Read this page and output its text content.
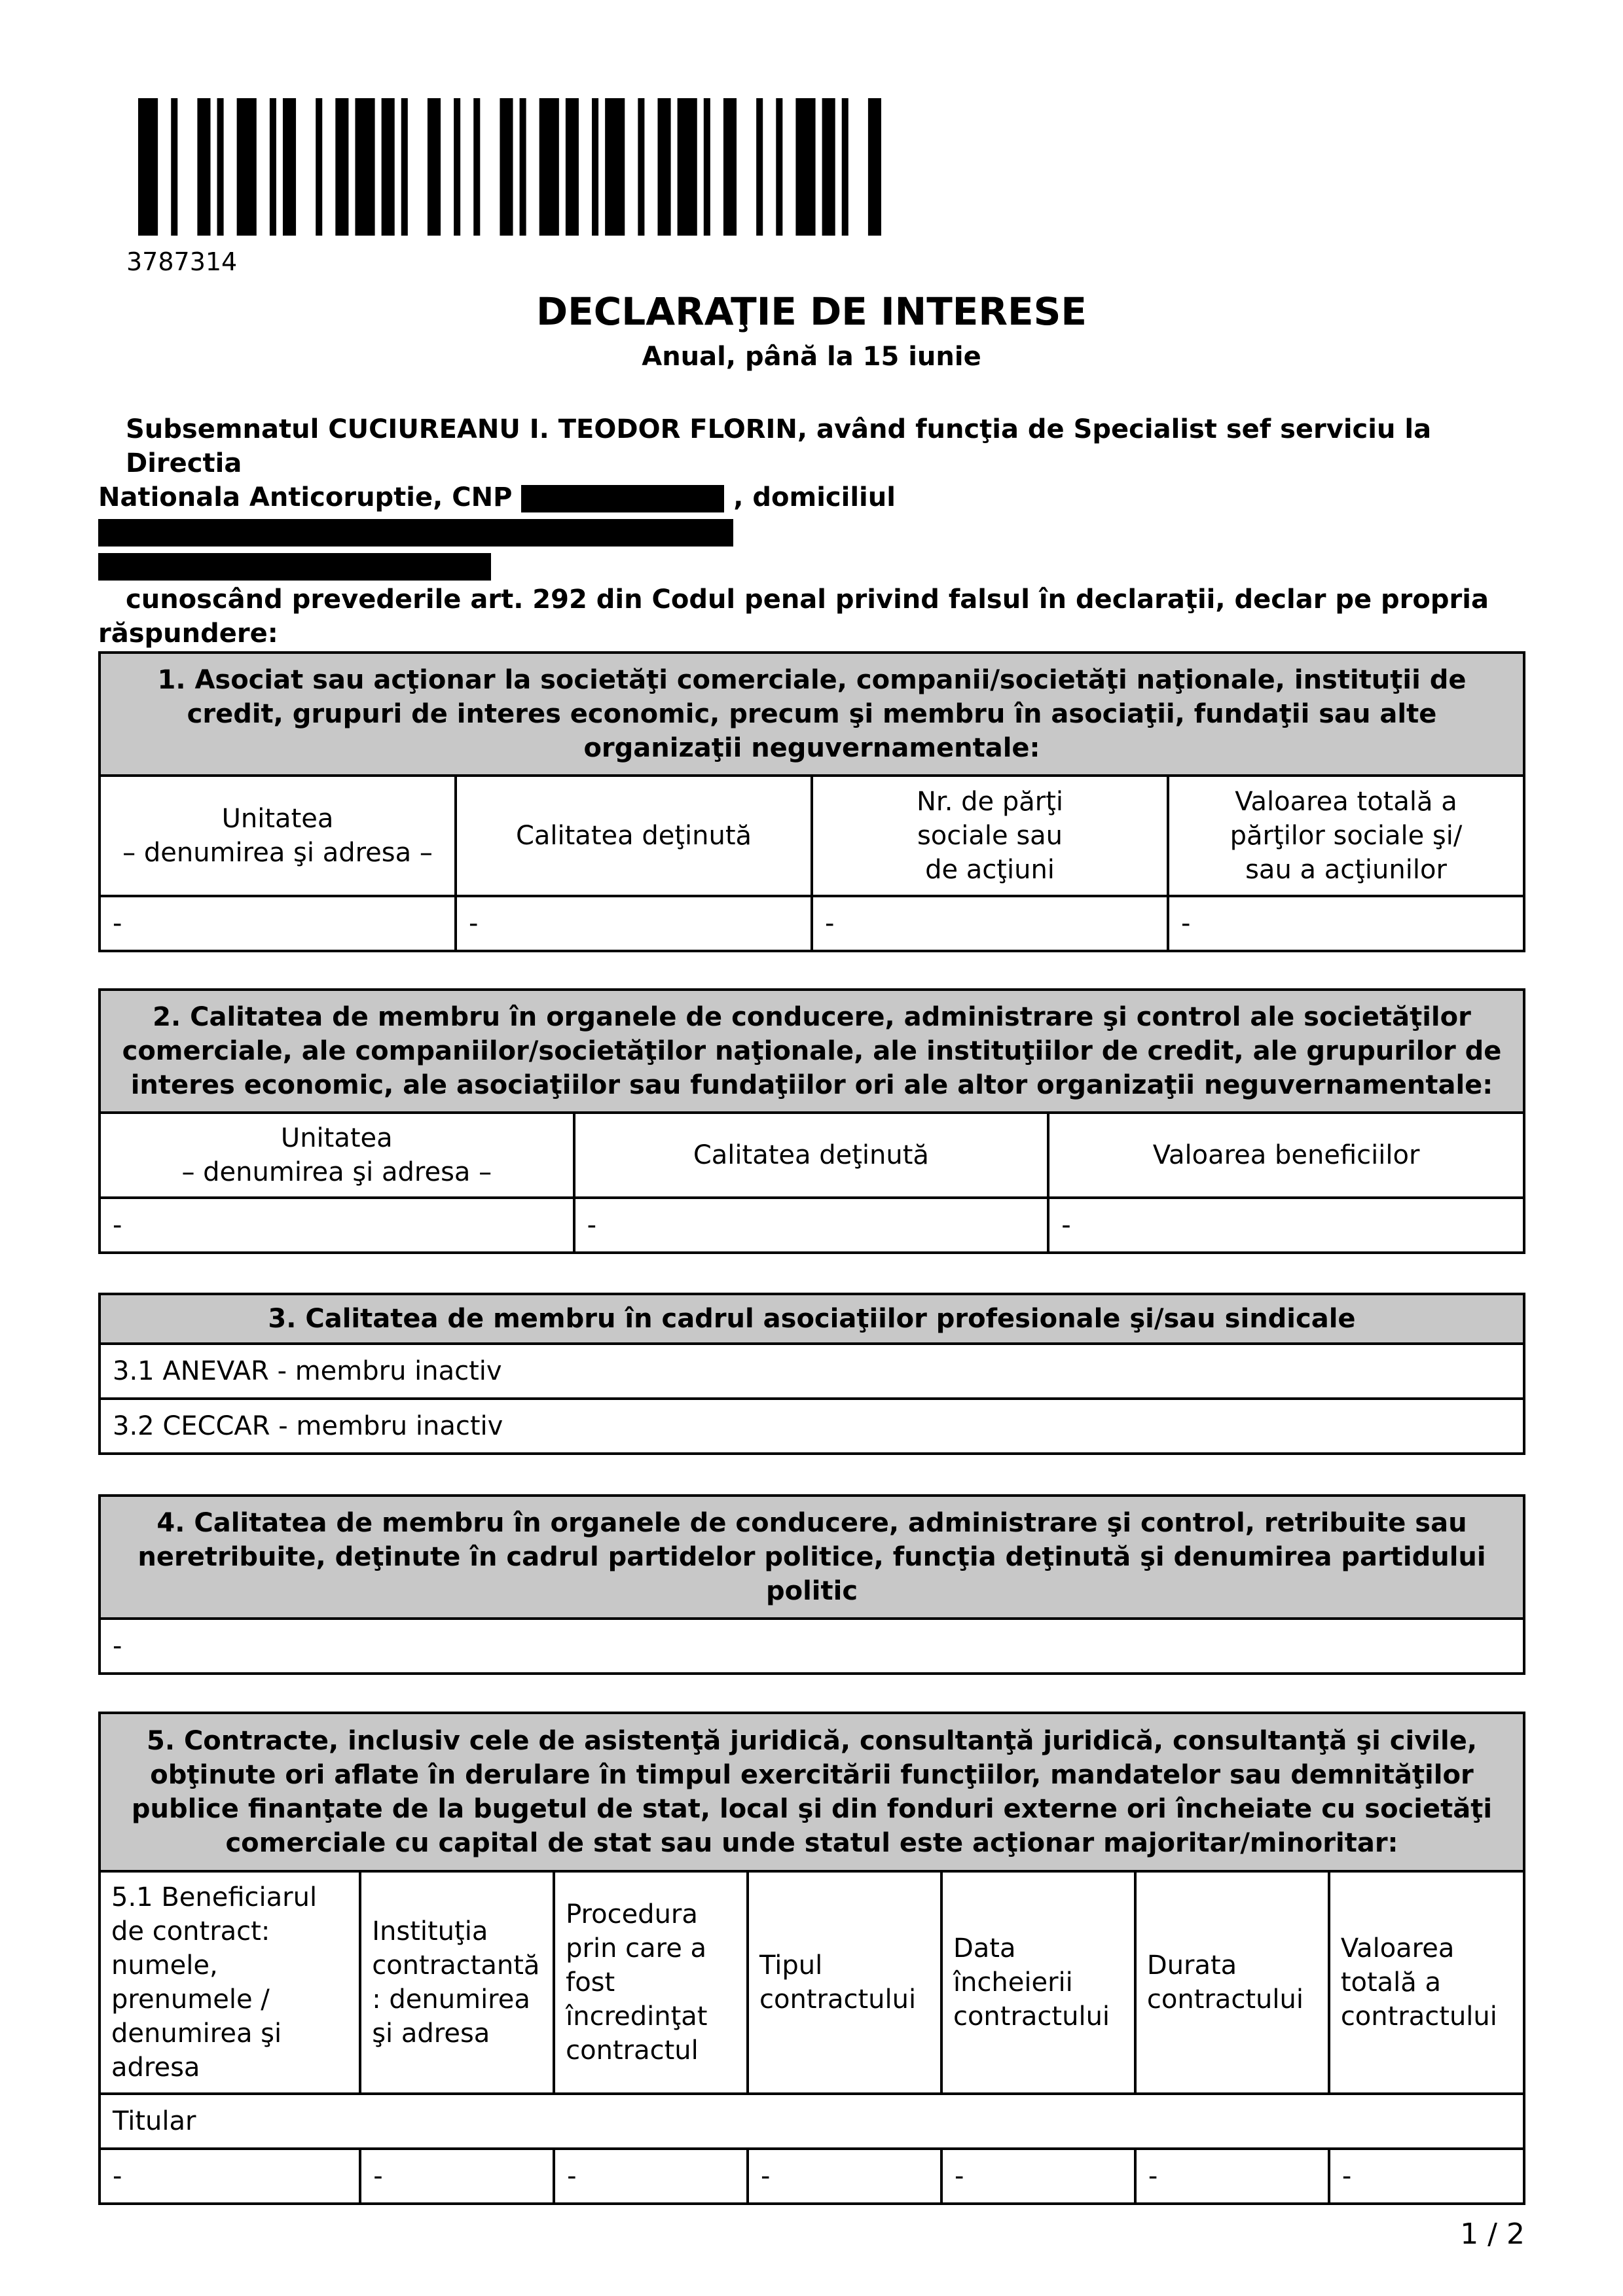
3787314
DECLARAŢIE DE INTERESE
Anual, până la 15 iunie
Subsemnatul CUCIUREANU I. TEODOR FLORIN, având funcţia de Specialist sef serviciu la Directia
Nationala Anticoruptie, CNP	, domiciliul
cunoscând prevederile art. 292 din Codul penal privind falsul în declaraţii, declar pe propria
răspundere:
1. Asociat sau acţionar la societăţi comerciale, companii/societăţi naţionale, instituţii de credit, grupuri de interes economic, precum şi membru în asociaţii, fundaţii sau alte organizaţii neguvernamentale:			
Unitatea
– denumirea şi adresa –	Calitatea deţinută	Nr. de părţi
sociale sau
de acţiuni	Valoarea totală a
părţilor sociale şi/
sau a acţiunilor
-	-	-	-
2. Calitatea de membru în organele de conducere, administrare şi control ale societăţilor comerciale, ale companiilor/societăţilor naţionale, ale instituţiilor de credit, ale grupurilor de interes economic, ale asociaţiilor sau fundaţiilor ori ale altor organizaţii neguvernamentale:		
Unitatea
– denumirea şi adresa –	Calitatea deţinută	Valoarea beneficiilor
-	-	-
3. Calitatea de membru în cadrul asociaţiilor profesionale şi/sau sindicale
3.1 ANEVAR - membru inactiv
3.2 CECCAR - membru inactiv
4. Calitatea de membru în organele de conducere, administrare şi control, retribuite sau neretribuite, deţinute în cadrul partidelor politice, funcţia deţinută şi denumirea partidului politic
-
5. Contracte, inclusiv cele de asistenţă juridică, consultanţă juridică, consultanţă şi civile, obţinute ori aflate în derulare în timpul exercitării funcţiilor, mandatelor sau demnităţilor publice finanţate de la bugetul de stat, local şi din fonduri externe ori încheiate cu societăţi comerciale cu capital de stat sau unde statul este acţionar majoritar/minoritar:						
5.1 Beneficiarul de contract: numele, prenumele / denumirea şi adresa	Instituţia contractantă : denumirea şi adresa	Procedura prin care a fost încredinţat contractul	Tipul contractului	Data încheierii contractului	Durata contractului	Valoarea totală a contractului
Titular						
-	-	-	-	-	-	-
1 / 2
